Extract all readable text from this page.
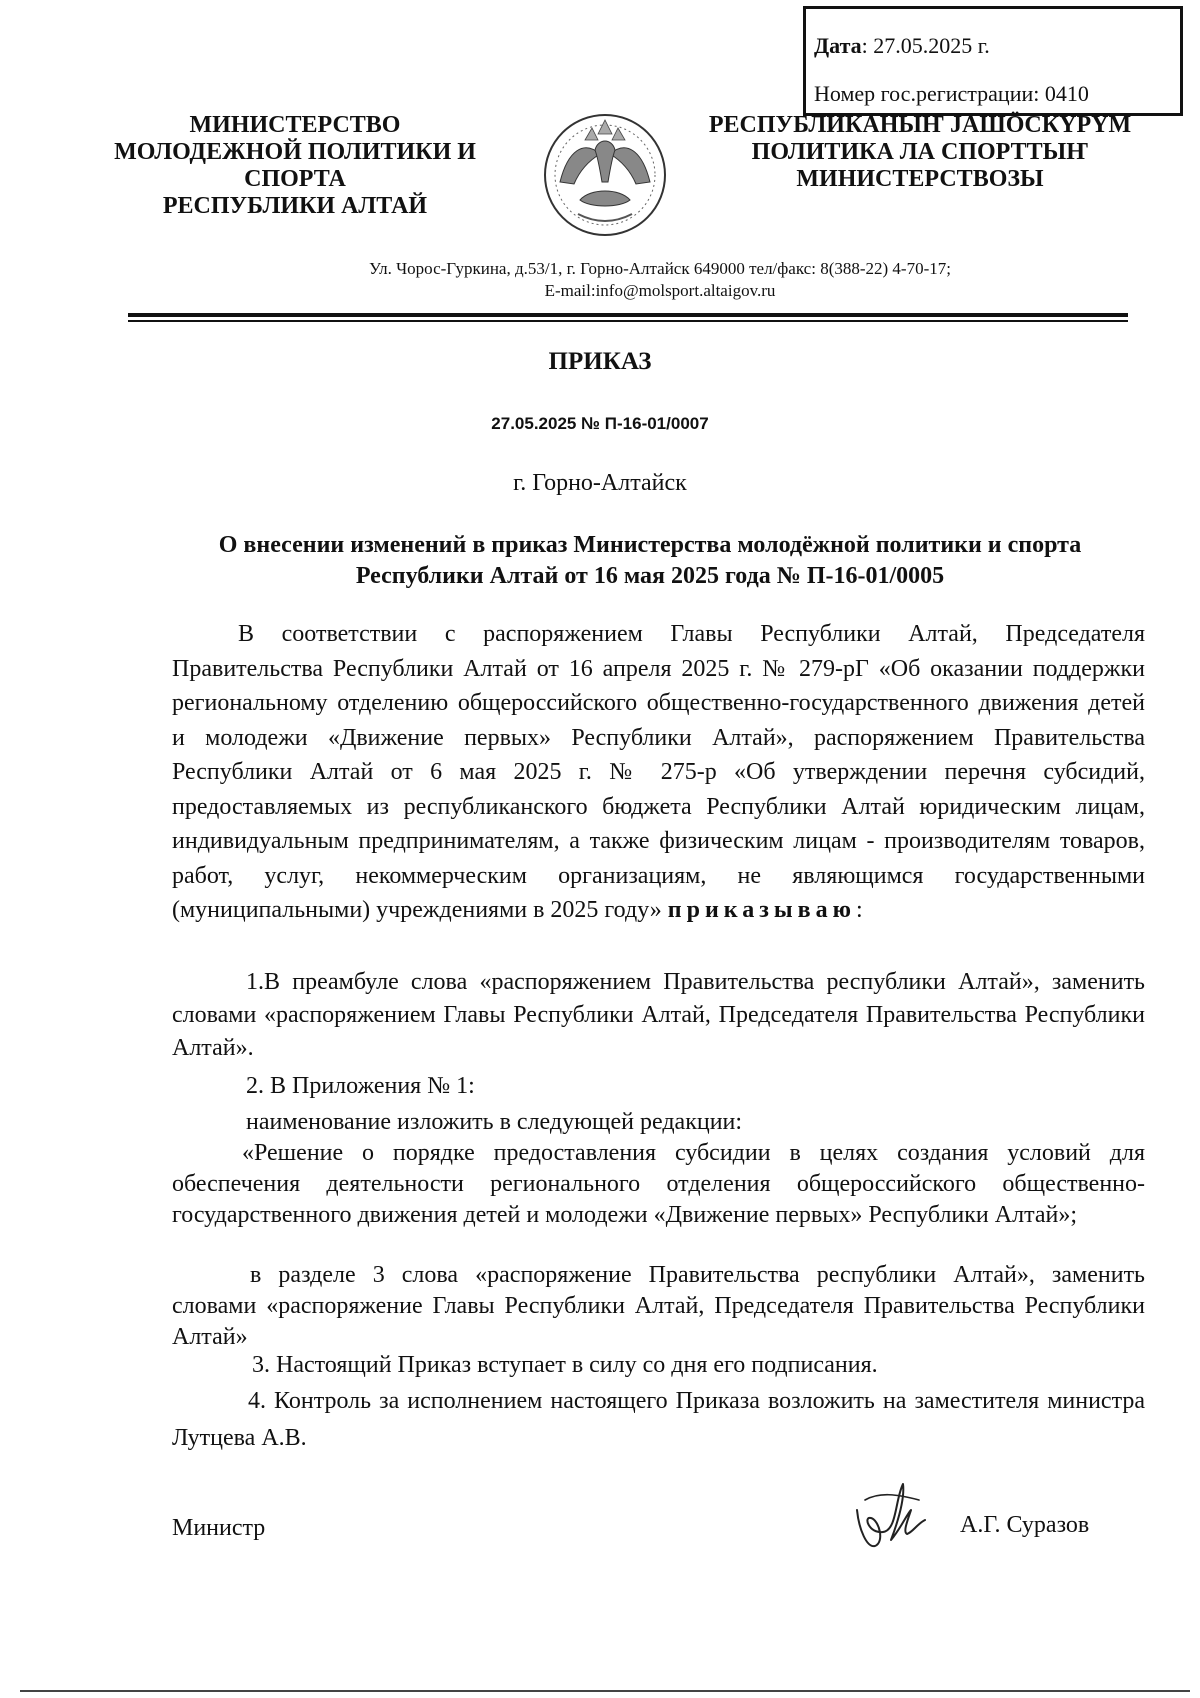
Дата: 27.05.2025 г.
Номер гос.регистрации: 0410
МИНИСТЕРСТВО
МОЛОДЕЖНОЙ ПОЛИТИКИ И
СПОРТА
РЕСПУБЛИКИ АЛТАЙ
РЕСПУБЛИКАНЫҤ ЈАШӦСКҮРҮМ
ПОЛИТИКА ЛА СПОРТТЫҤ
МИНИСТЕРСТВОЗЫ
Ул. Чорос-Гуркина, д.53/1, г. Горно-Алтайск 649000 тел/факс: 8(388-22) 4-70-17;
E-mail:info@molsport.altaigov.ru
ПРИКАЗ
27.05.2025 № П-16-01/0007
г. Горно-Алтайск
О внесении изменений в приказ Министерства молодёжной политики и спорта
Республики Алтай от 16 мая 2025 года № П-16-01/0005
В соответствии с распоряжением Главы Республики Алтай, Председателя Правительства Республики Алтай от 16 апреля 2025 г. № 279-рГ «Об оказании поддержки региональному отделению общероссийского общественно-государственного движения детей и молодежи «Движение первых» Республики Алтай», распоряжением Правительства Республики Алтай от 6 мая 2025 г. № 275-р «Об утверждении перечня субсидий, предоставляемых из республиканского бюджета Республики Алтай юридическим лицам, индивидуальным предпринимателям, а также физическим лицам - производителям товаров, работ, услуг, некоммерческим организациям, не являющимся государственными (муниципальными) учреждениями в 2025 году» приказываю:
1.В преамбуле слова «распоряжением Правительства республики Алтай», заменить словами «распоряжением Главы Республики Алтай, Председателя Правительства Республики Алтай».
2. В Приложения № 1:
наименование изложить в следующей редакции:
«Решение о порядке предоставления субсидии в целях создания условий для обеспечения деятельности регионального отделения общероссийского общественно-государственного движения детей и молодежи «Движение первых» Республики Алтай»;
в разделе 3 слова «распоряжение Правительства республики Алтай», заменить словами «распоряжение Главы Республики Алтай, Председателя Правительства Республики Алтай»
3. Настоящий Приказ вступает в силу со дня его подписания.
4. Контроль за исполнением настоящего Приказа возложить на заместителя министра Лутцева А.В.
Министр	А.Г. Суразов
